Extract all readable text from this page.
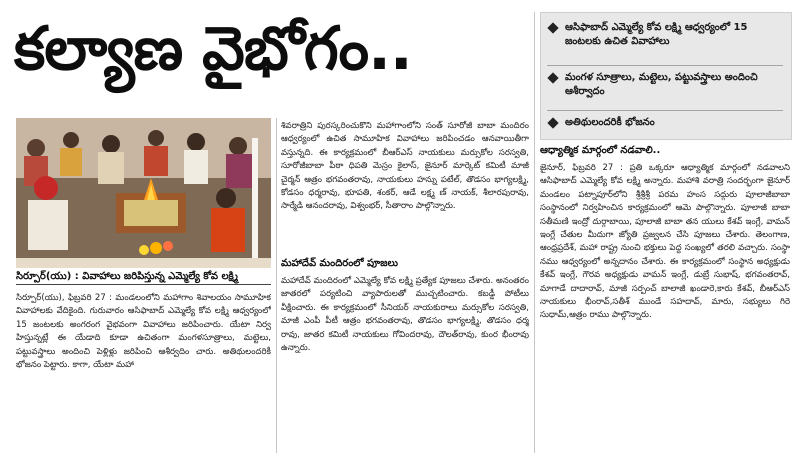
కల్యాణ వైభోగం..	ఆసిఫాబాద్ ఎమ్మెల్యే కోవ లక్ష్మి ఆధ్వర్యంలో 15 జంటలకు ఉచిత వివాహాలు
మంగళ సూత్రాలు, మట్టెలు, పట్టువస్త్రాలు అందించి ఆశీర్వాదం
అతిథులందరికీ భోజనం
సిర్పూర్(యు) : వివాహాలు జరిపిస్తున్న ఎమ్మెల్యే కోవ లక్ష్మి
సిర్పూర్(యు), ఫిబ్రవరి 27 : మండలంలోని మహాగాం శివాలయం సామూహిక వివాహాలకు వేదికైంది. గురువారం ఆసిఫాబాద్ ఎమ్మెల్యే కోవ లక్ష్మి ఆధ్వర్యంలో 15 జంటలకు అంగరంగ వైభవంగా వివాహాలు జరిపించారు. యేటా నిర్వ హిస్తున్నట్లే ఈ యేడాది కూడా ఉచితంగా మంగళసూత్రాలు, మట్టెలు, పట్టువస్త్రాలు అందించి పెళ్లిళ్లు జరిపించి ఆశీర్వదిం చారు. అతిథులందరికీ భోజనం పెట్టారు. కాగా, యేటా మహా
శివరాత్రిని పురస్కరించుకొని మహాగాంలోని సంత్ సూరోజీ బాబా మందిరం ఆధ్వర్యంలో ఉచిత సామూహిక వివాహాలు జరిపించడం ఆనవాయితీగా వస్తున్నది. ఈ కార్యక్రమంలో బీఆర్ఎస్ నాయకులు మర్సుకోల సరస్వతి, సూరోజీబాబా పీఠా ధిపతి మెస్రం కైలాస్, జైనూర్ మార్కెట్ కమిటీ మాజీ చైర్మన్ ఆత్రం భగవంతరావు, నాయకులు హన్ను పటేల్, తొడసం భాగ్యలక్ష్మి, కోడసం ధర్మరావు, భూపతి, శంకర్, ఆడే లక్ష్మ ణ్ నాయక్, శీలారపురావు, సార్మేడి ఆనందరావు, విశ్వంభర్, సీతారాం పాల్గొన్నారు.
మహాదేవ్ మందిరంలో పూజలు
మహాదేవ్ మందిరంలో ఎమ్మెల్యే కోవ లక్ష్మి ప్రత్యేక పూజలు చేశారు. అనంతరం జాతరలో పర్యటించి వ్యాపారులతో ముచ్చటించారు. కబడ్డీ పోటీలు వీక్షించారు. ఈ కార్యక్రమంలో సీనియర్ నాయకురాలు మర్సుకోల సరస్వతి, మాజీ ఎంపీ పీటీ ఆత్రం భగవంతరావు, తొడసం భాగ్యలక్ష్మి, తొడసం ధర్మ రావు, జాతర కమిటీ నాయకులు గోవిందరావు, దౌలత్‌రావు, కుంర భీంరావు ఉన్నారు.
ఆధ్యాత్మిక మార్గంలో నడవాలి..
జైనూర్, ఫిబ్రవరి 27 : ప్రతి ఒక్కరూ ఆధ్యాత్మిక మార్గంలో నడవాలని ఆసిఫాబాద్ ఎమ్మెల్యే కోవ లక్ష్మి అన్నారు. మహాశి వరాత్రి సందర్భంగా జైనూర్ మండలం పట్నాపూర్‌లోని శ్రీశ్రీశ్రీ పరమ హంస సద్గురు పూలాజీబాబా సంస్థానంలో నిర్వహించిన కార్యక్రమంలో ఆమె పాల్గొన్నారు. పూలాజీ బాబా సతీమణి ఇంద్రో దుర్గాబాయి, పూలాజీ బాబా తన యులు కేశవ్ ఇంగ్లే, వామన్ ఇంగ్లే చేతుల మీదుగా జ్యోతి ప్రజ్వలన చేసి పూజలు చేశారు. తెలంగాణ, ఆంధ్రప్రదేశ్, మహా రాష్ట్ర నుంచి భక్తులు పెద్ద సంఖ్యలో తరలి వచ్చారు. సంస్థా నము ఆధ్వర్యంలో అన్నదానం చేశారు. ఈ కార్యక్రమంలో సంస్థాన అధ్యక్షుడు కేశవ్ ఇంగ్లే, గౌరవ అధ్యక్షుడు వామన్ ఇంగ్లే, డుబ్రే సుభాష్, భగవంతరావ్, మాగాడే దాదారావ్, మాజీ సర్పంచ్ బాలాజీ ఖండారె,కారు కేశవ్, బీఆర్ఎస్ నాయకులు భీంరావ్,సతీశ్ ముండే సహదావ్, మారు, సభ్యులు గిరె సుధామ్,ఆత్రం రాము పాల్గొన్నారు.
